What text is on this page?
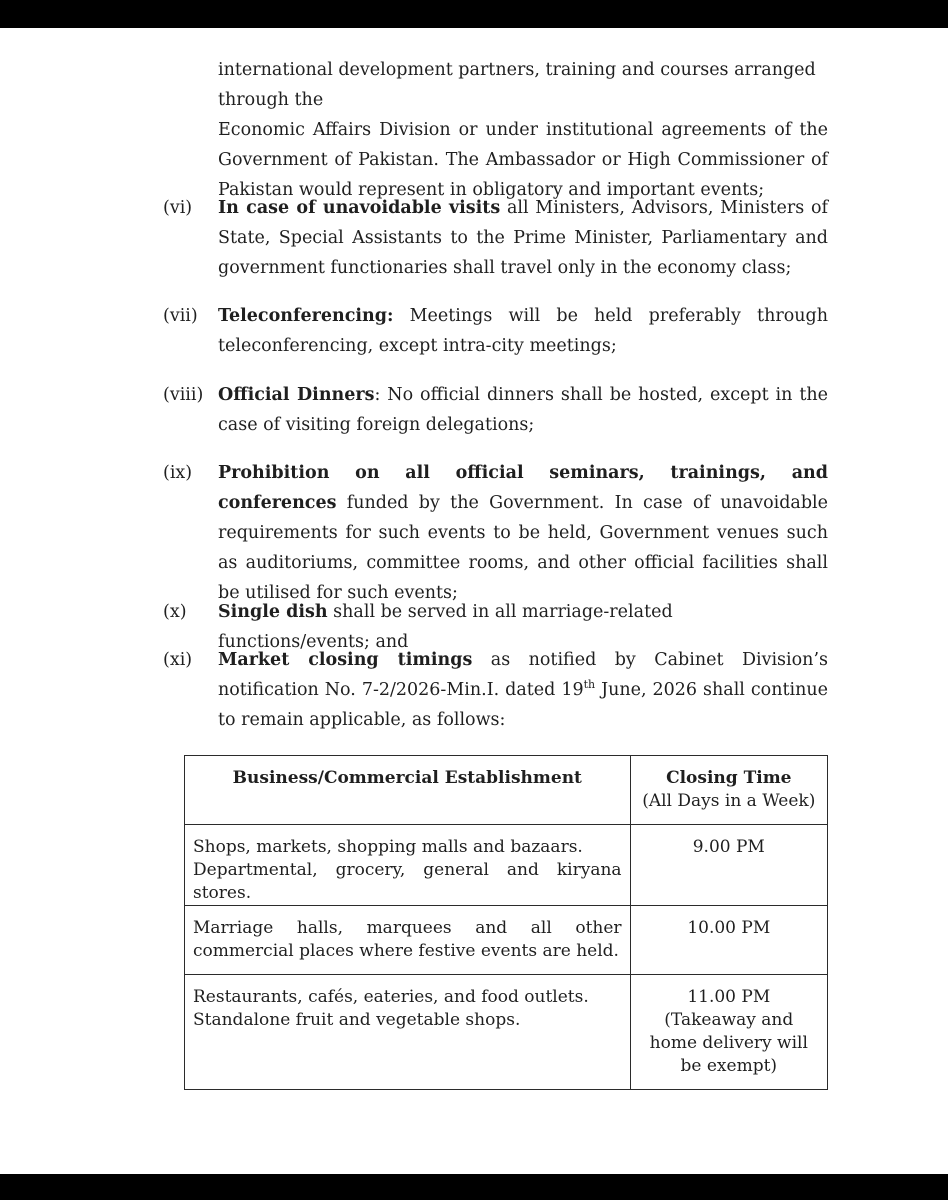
international development partners, training and courses arranged through the
Economic Affairs Division or under institutional agreements of the
Government of Pakistan. The Ambassador or High Commissioner of
Pakistan would represent in obligatory and important events;
(vi) In case of unavoidable visits all Ministers, Advisors, Ministers of State, Special Assistants to the Prime Minister, Parliamentary and government functionaries shall travel only in the economy class;
(vii) Teleconferencing: Meetings will be held preferably through teleconferencing, except intra-city meetings;
(viii) Official Dinners: No official dinners shall be hosted, except in the case of visiting foreign delegations;
(ix) Prohibition on all official seminars, trainings, and conferences funded by the Government. In case of unavoidable requirements for such events to be held, Government venues such as auditoriums, committee rooms, and other official facilities shall be utilised for such events;
(x) Single dish shall be served in all marriage-related functions/events; and
(xi) Market closing timings as notified by Cabinet Division’s notification No. 7-2/2026-Min.I. dated 19th June, 2026 shall continue to remain applicable, as follows:
Business/Commercial Establishment	Closing Time
(All Days in a Week)

Shops, markets, shopping malls and bazaars.
Departmental, grocery, general and kiryana stores.	9.00 PM
Marriage halls, marquees and all other commercial places where festive events are held.	10.00 PM

Restaurants, cafés, eateries, and food outlets.
Standalone fruit and vegetable shops.	11.00 PM
(Takeaway and home delivery will be exempt)
